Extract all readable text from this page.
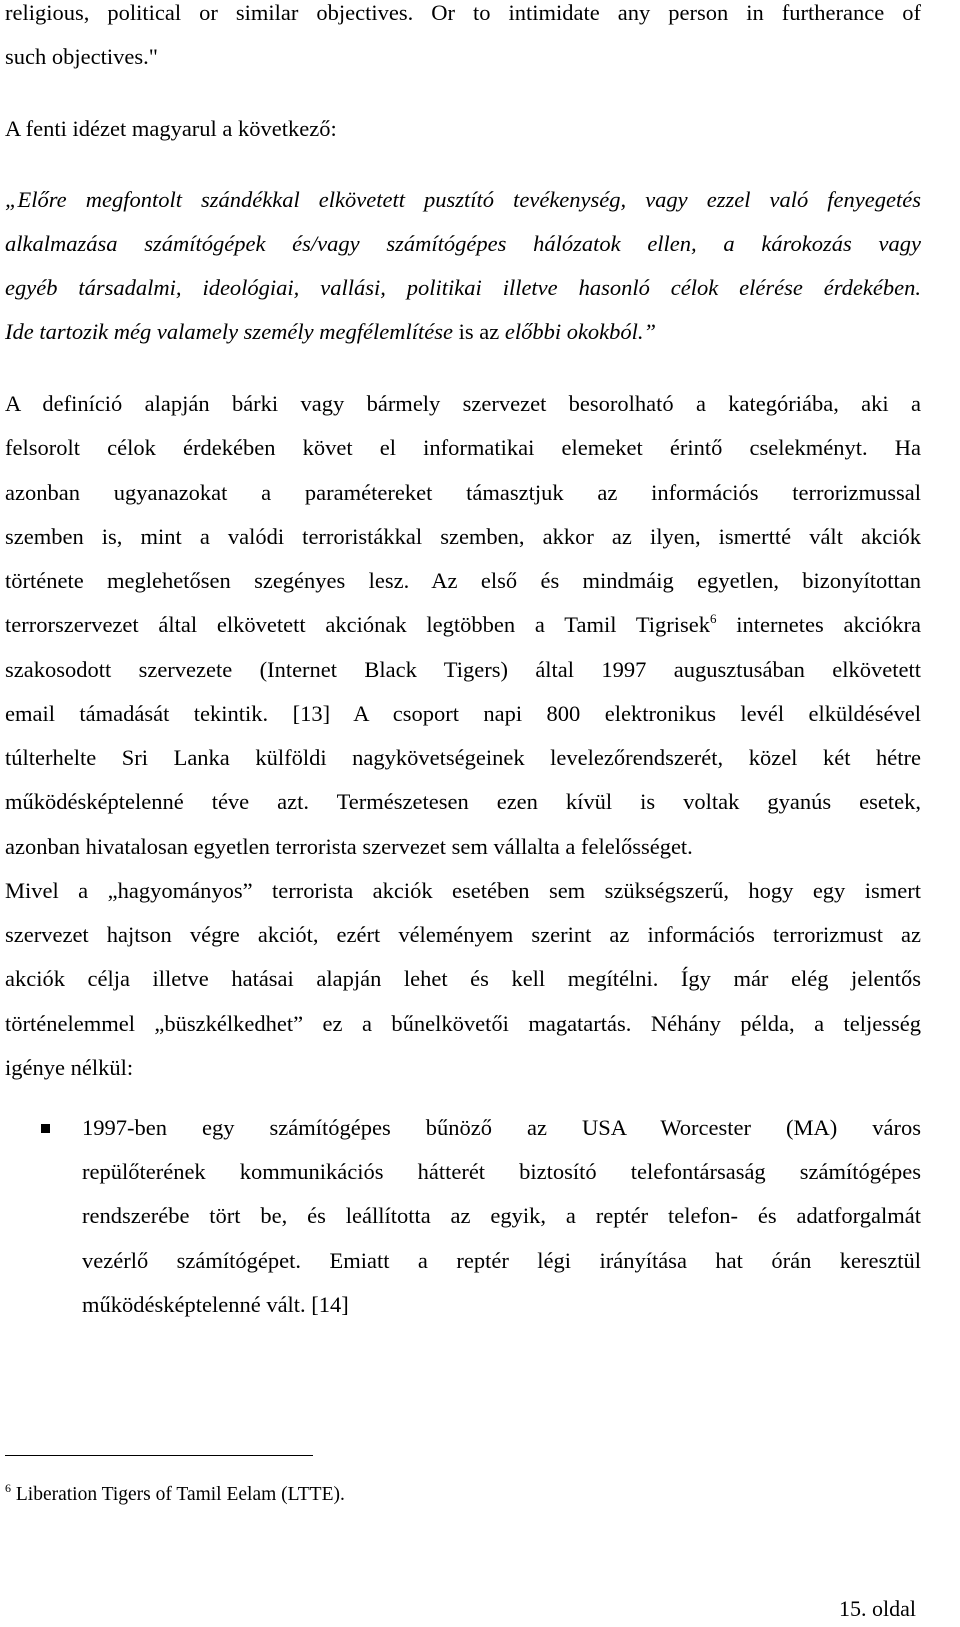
religious, political or similar objectives. Or to intimidate any person in furtherance of
such objectives."
A fenti idézet magyarul a következő:
„Előre megfontolt szándékkal elkövetett pusztító tevékenység, vagy ezzel való fenyegetés
alkalmazása számítógépek és/vagy számítógépes hálózatok ellen, a károkozás vagy
egyéb társadalmi, ideológiai, vallási, politikai illetve hasonló célok elérése érdekében.
Ide tartozik még valamely személy megfélemlítése is az előbbi okokból.”
A definíció alapján bárki vagy bármely szervezet besorolható a kategóriába, aki a
felsorolt célok érdekében követ el informatikai elemeket érintő cselekményt. Ha
azonban ugyanazokat a paramétereket támasztjuk az információs terrorizmussal
szemben is, mint a valódi terroristákkal szemben, akkor az ilyen, ismertté vált akciók
története meglehetősen szegényes lesz. Az első és mindmáig egyetlen, bizonyítottan
terrorszervezet által elkövetett akciónak legtöbben a Tamil Tigrisek$^6$ internetes akciókra
szakosodott szervezete (Internet Black Tigers) által 1997 augusztusában elkövetett
email támadását tekintik. [13] A csoport napi 800 elektronikus levél elküldésével
túlterhelte Sri Lanka külföldi nagykövetségeinek levelezőrendszerét, közel két hétre
működésképtelenné téve azt. Természetesen ezen kívül is voltak gyanús esetek,
azonban hivatalosan egyetlen terrorista szervezet sem vállalta a felelősséget.
Mivel a „hagyományos” terrorista akciók esetében sem szükségszerű, hogy egy ismert
szervezet hajtson végre akciót, ezért véleményem szerint az információs terrorizmust az
akciók célja illetve hatásai alapján lehet és kell megítélni. Így már elég jelentős
történelemmel „büszkélkedhet” ez a bűnelkövetői magatartás. Néhány példa, a teljesség
igénye nélkül:
1997-ben egy számítógépes bűnöző az USA Worcester (MA) város
repülőterének kommunikációs hátterét biztosító telefontársaság számítógépes
rendszerébe tört be, és leállította az egyik, a reptér telefon- és adatforgalmát
vezérlő számítógépet. Emiatt a reptér légi irányítása hat órán keresztül
működésképtelenné vált. [14]
$^6$ Liberation Tigers of Tamil Eelam (LTTE).
15. oldal
